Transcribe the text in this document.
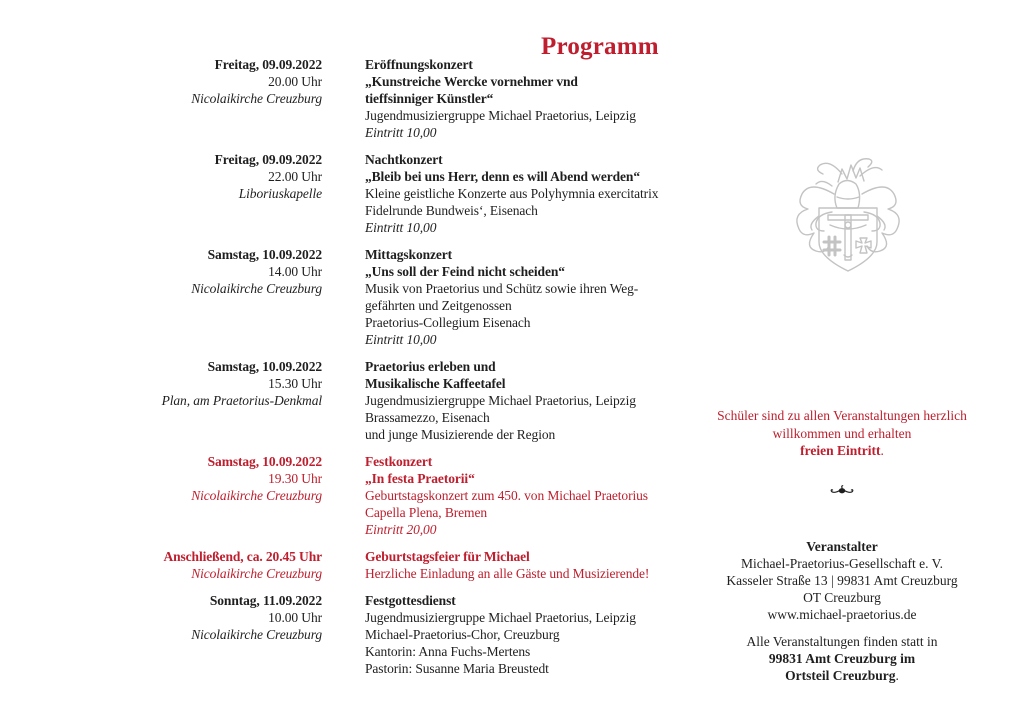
Programm
Freitag, 09.09.2022
20.00 Uhr
Nicolaikirche Creuzburg
Eröffnungskonzert
„Kunstreiche Wercke vornehmer vnd
tieffsinniger Künstler“
Jugendmusiziergruppe Michael Praetorius, Leipzig
Eintritt 10,00
Freitag, 09.09.2022
22.00 Uhr
Liboriuskapelle
Nachtkonzert
„Bleib bei uns Herr, denn es will Abend werden“
Kleine geistliche Konzerte aus Polyhymnia exercitatrix
Fidelrunde Bundweis‘, Eisenach
Eintritt 10,00
Samstag, 10.09.2022
14.00 Uhr
Nicolaikirche Creuzburg
Mittagskonzert
„Uns soll der Feind nicht scheiden“
Musik von Praetorius und Schütz sowie ihren Weg-
gefährten und Zeitgenossen
Praetorius-Collegium Eisenach
Eintritt 10,00
Samstag, 10.09.2022
15.30 Uhr
Plan, am Praetorius-Denkmal
Praetorius erleben und
Musikalische Kaffeetafel
Jugendmusiziergruppe Michael Praetorius, Leipzig
Brassamezzo, Eisenach
und junge Musizierende der Region
Samstag, 10.09.2022
19.30 Uhr
Nicolaikirche Creuzburg
Festkonzert
„In festa Praetorii“
Geburtstagskonzert zum 450. von Michael Praetorius
Capella Plena, Bremen
Eintritt 20,00
Anschließend, ca. 20.45 Uhr
Nicolaikirche Creuzburg
Geburtstagsfeier für Michael
Herzliche Einladung an alle Gäste und Musizierende!
Sonntag, 11.09.2022
10.00 Uhr
Nicolaikirche Creuzburg
Festgottesdienst
Jugendmusiziergruppe Michael Praetorius, Leipzig
Michael-Praetorius-Chor, Creuzburg
Kantorin: Anna Fuchs-Mertens
Pastorin: Susanne Maria Breustedt
Schüler sind zu allen Veranstaltungen herzlich
willkommen und erhalten
freien Eintritt.
Veranstalter
Michael-Praetorius-Gesellschaft e. V.
Kasseler Straße 13 | 99831 Amt Creuzburg
OT Creuzburg
www.michael-praetorius.de
Alle Veranstaltungen finden statt in
99831 Amt Creuzburg im
Ortsteil Creuzburg.
